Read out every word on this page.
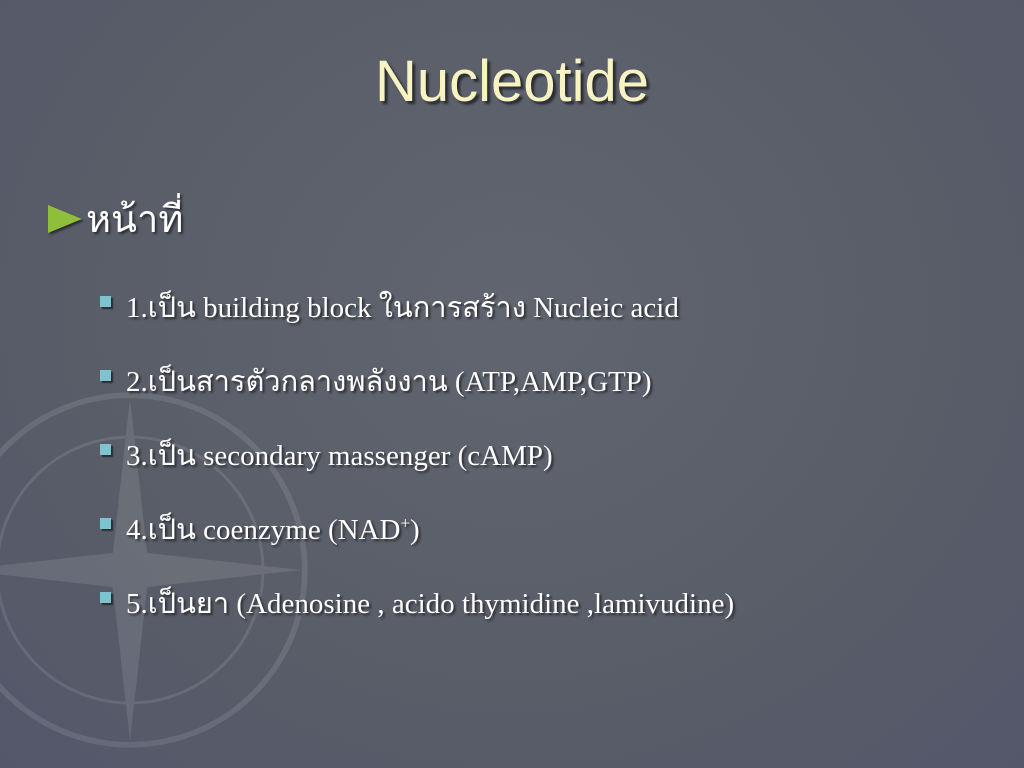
Nucleotide
หน้าที่
1.เป็น building block ในการสร้าง Nucleic acid
2.เป็นสารตัวกลางพลังงาน (ATP,AMP,GTP)
3.เป็น secondary massenger (cAMP)
4.เป็น coenzyme (NAD+)
5.เป็นยา (Adenosine , acido thymidine ,lamivudine)
